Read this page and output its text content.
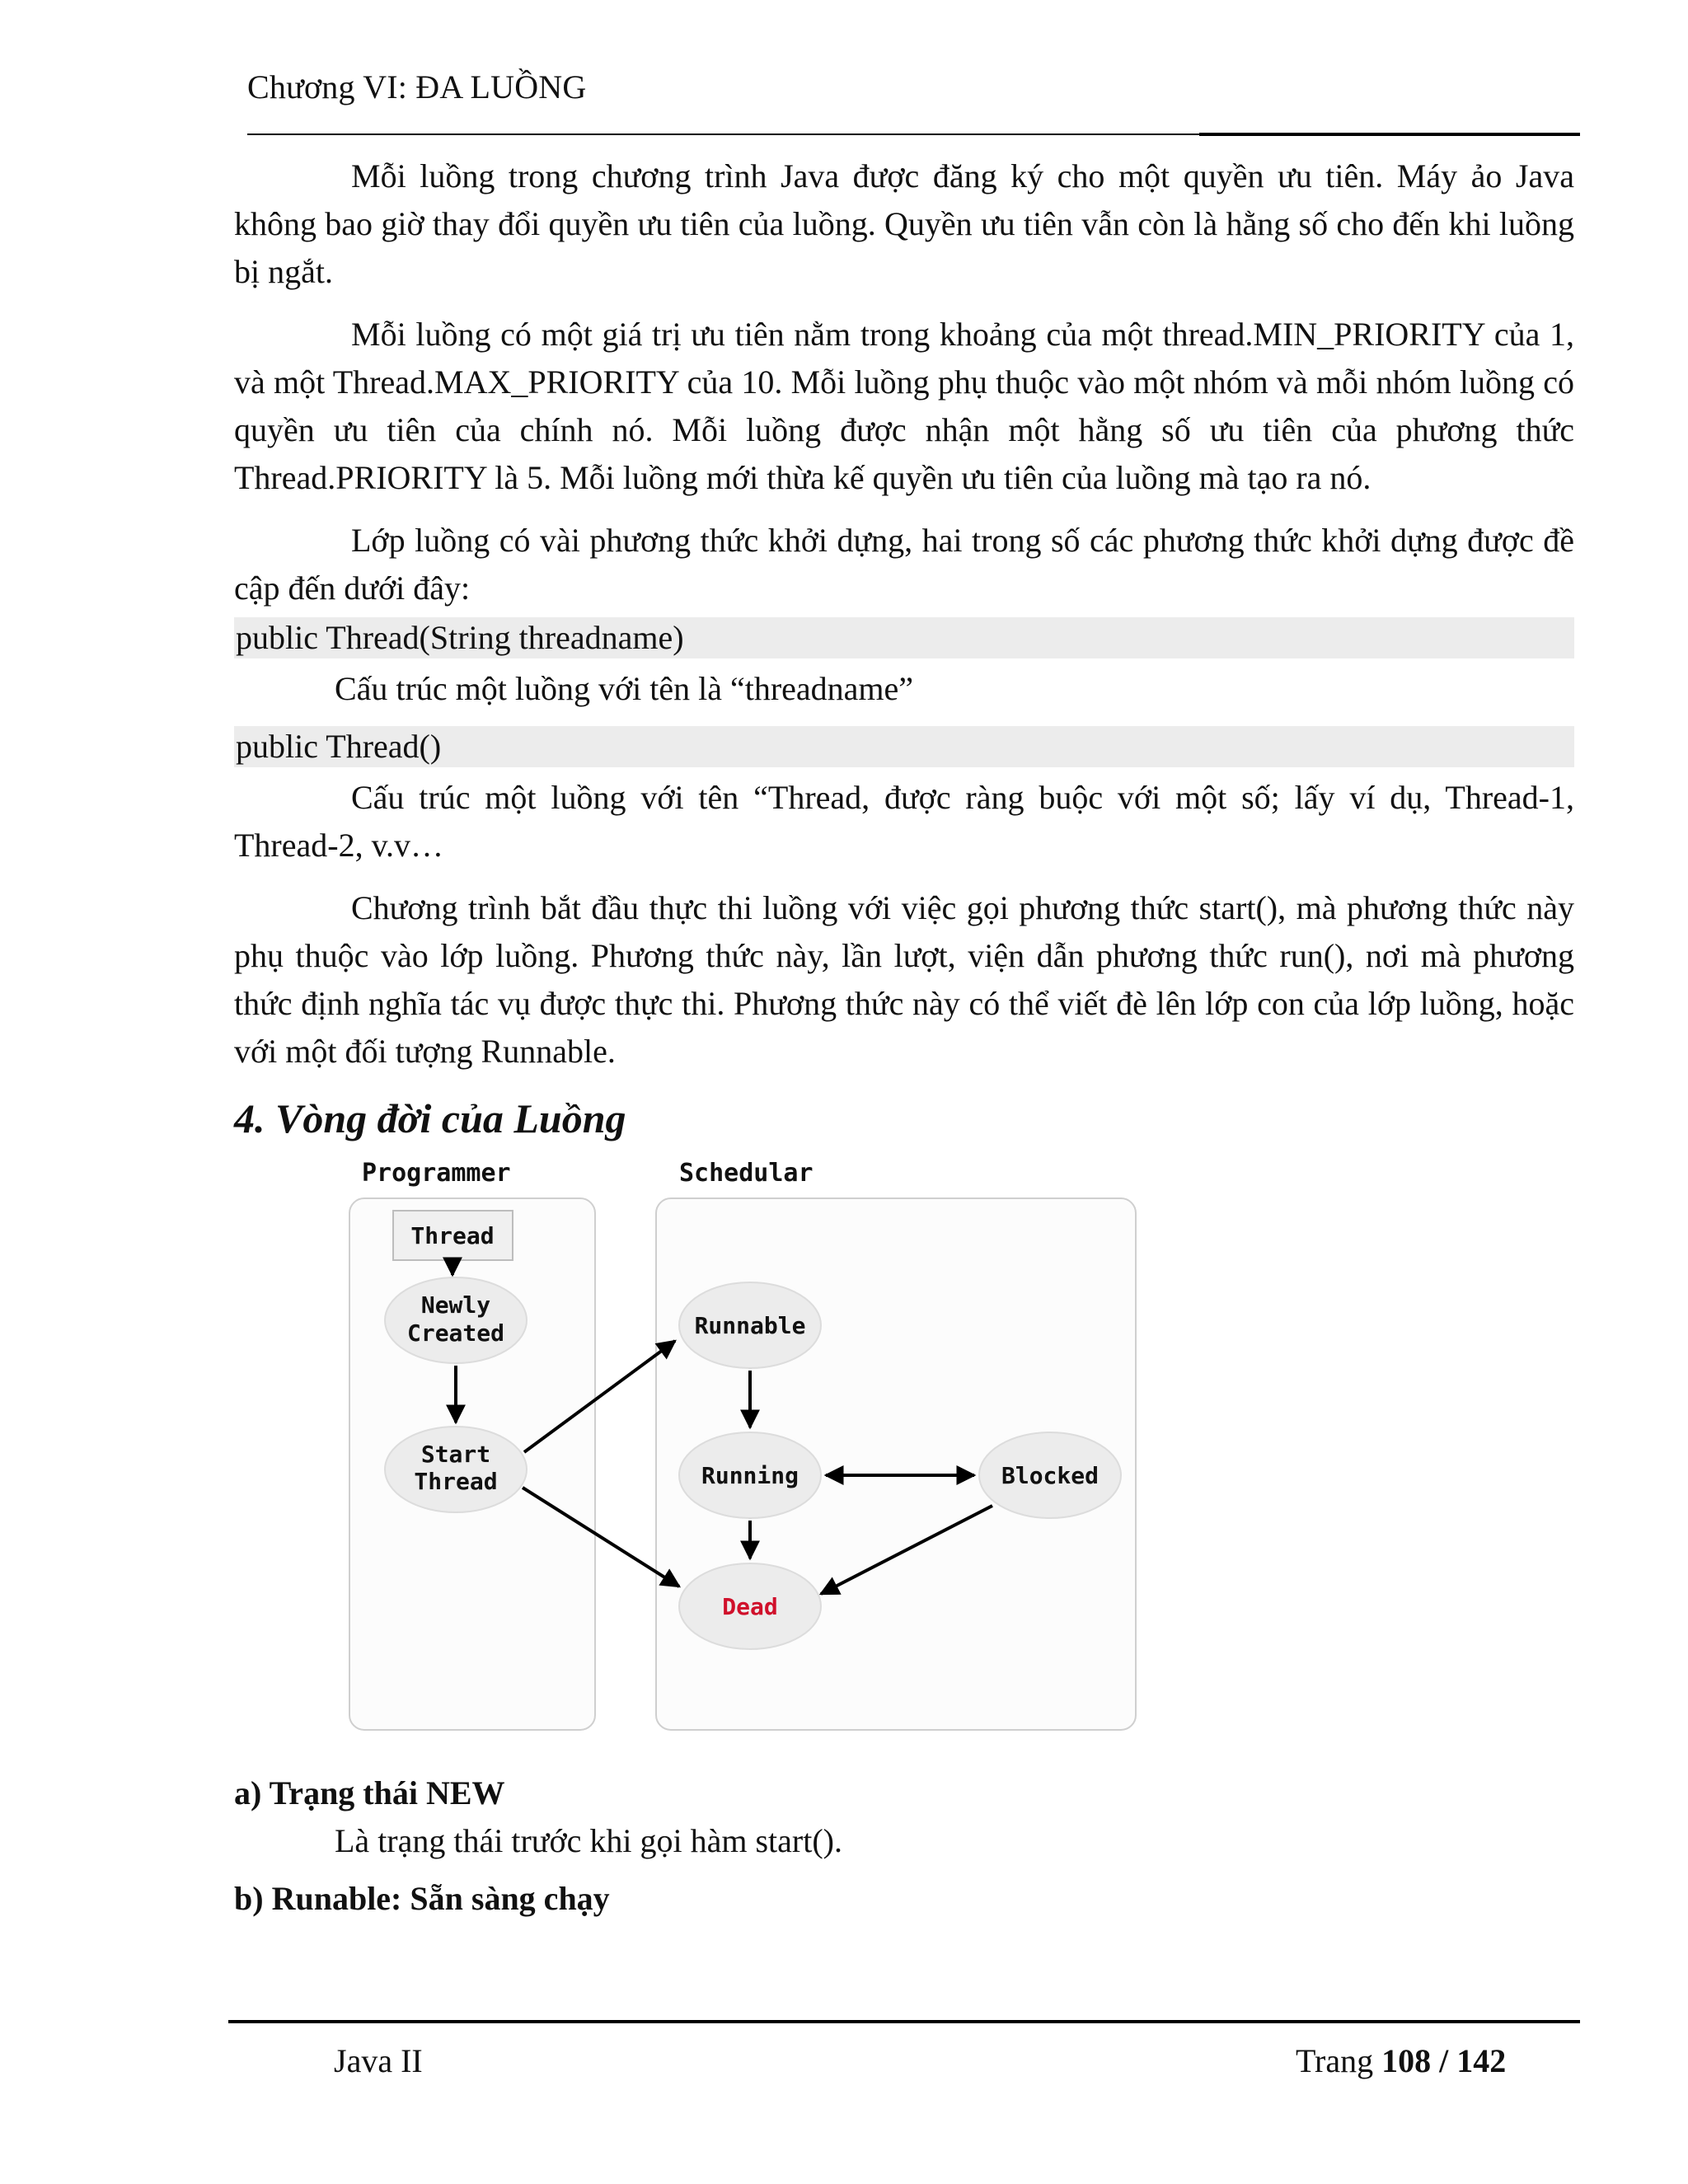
Chương VI: ĐA LUỒNG

Mỗi luồng trong chương trình Java được đăng ký cho một quyền ưu tiên. Máy ảo Java không bao giờ thay đổi quyền ưu tiên của luồng. Quyền ưu tiên vẫn còn là hằng số cho đến khi luồng bị ngắt.

Mỗi luồng có một giá trị ưu tiên nằm trong khoảng của một thread.MIN_PRIORITY của 1, và một Thread.MAX_PRIORITY của 10. Mỗi luồng phụ thuộc vào một nhóm và mỗi nhóm luồng có quyền ưu tiên của chính nó. Mỗi luồng được nhận một hằng số ưu tiên của phương thức Thread.PRIORITY là 5. Mỗi luồng mới thừa kế quyền ưu tiên của luồng mà tạo ra nó.

Lớp luồng có vài phương thức khởi dựng, hai trong số các phương thức khởi dựng được đề cập đến dưới đây:

public Thread(String threadname)

Cấu trúc một luồng với tên là “threadname”

public Thread()

Cấu trúc một luồng với tên “Thread, được ràng buộc với một số; lấy ví dụ, Thread-1, Thread-2, v.v…

Chương trình bắt đầu thực thi luồng với việc gọi phương thức start(), mà phương thức này phụ thuộc vào lớp luồng. Phương thức này, lần lượt, viện dẫn phương thức run(), nơi mà phương thức định nghĩa tác vụ được thực thi. Phương thức này có thể viết đè lên lớp con của lớp luồng, hoặc với một đối tượng Runnable.

4. Vòng đời của Luồng
Programmer	Schedular
Thread
Newly
Created
Start
Thread
Runnable
Running	Blocked
Dead
a) Trạng thái NEW

Là trạng thái trước khi gọi hàm start().

b) Runable: Sẵn sàng chạy
Java II	Trang 108 / 142
